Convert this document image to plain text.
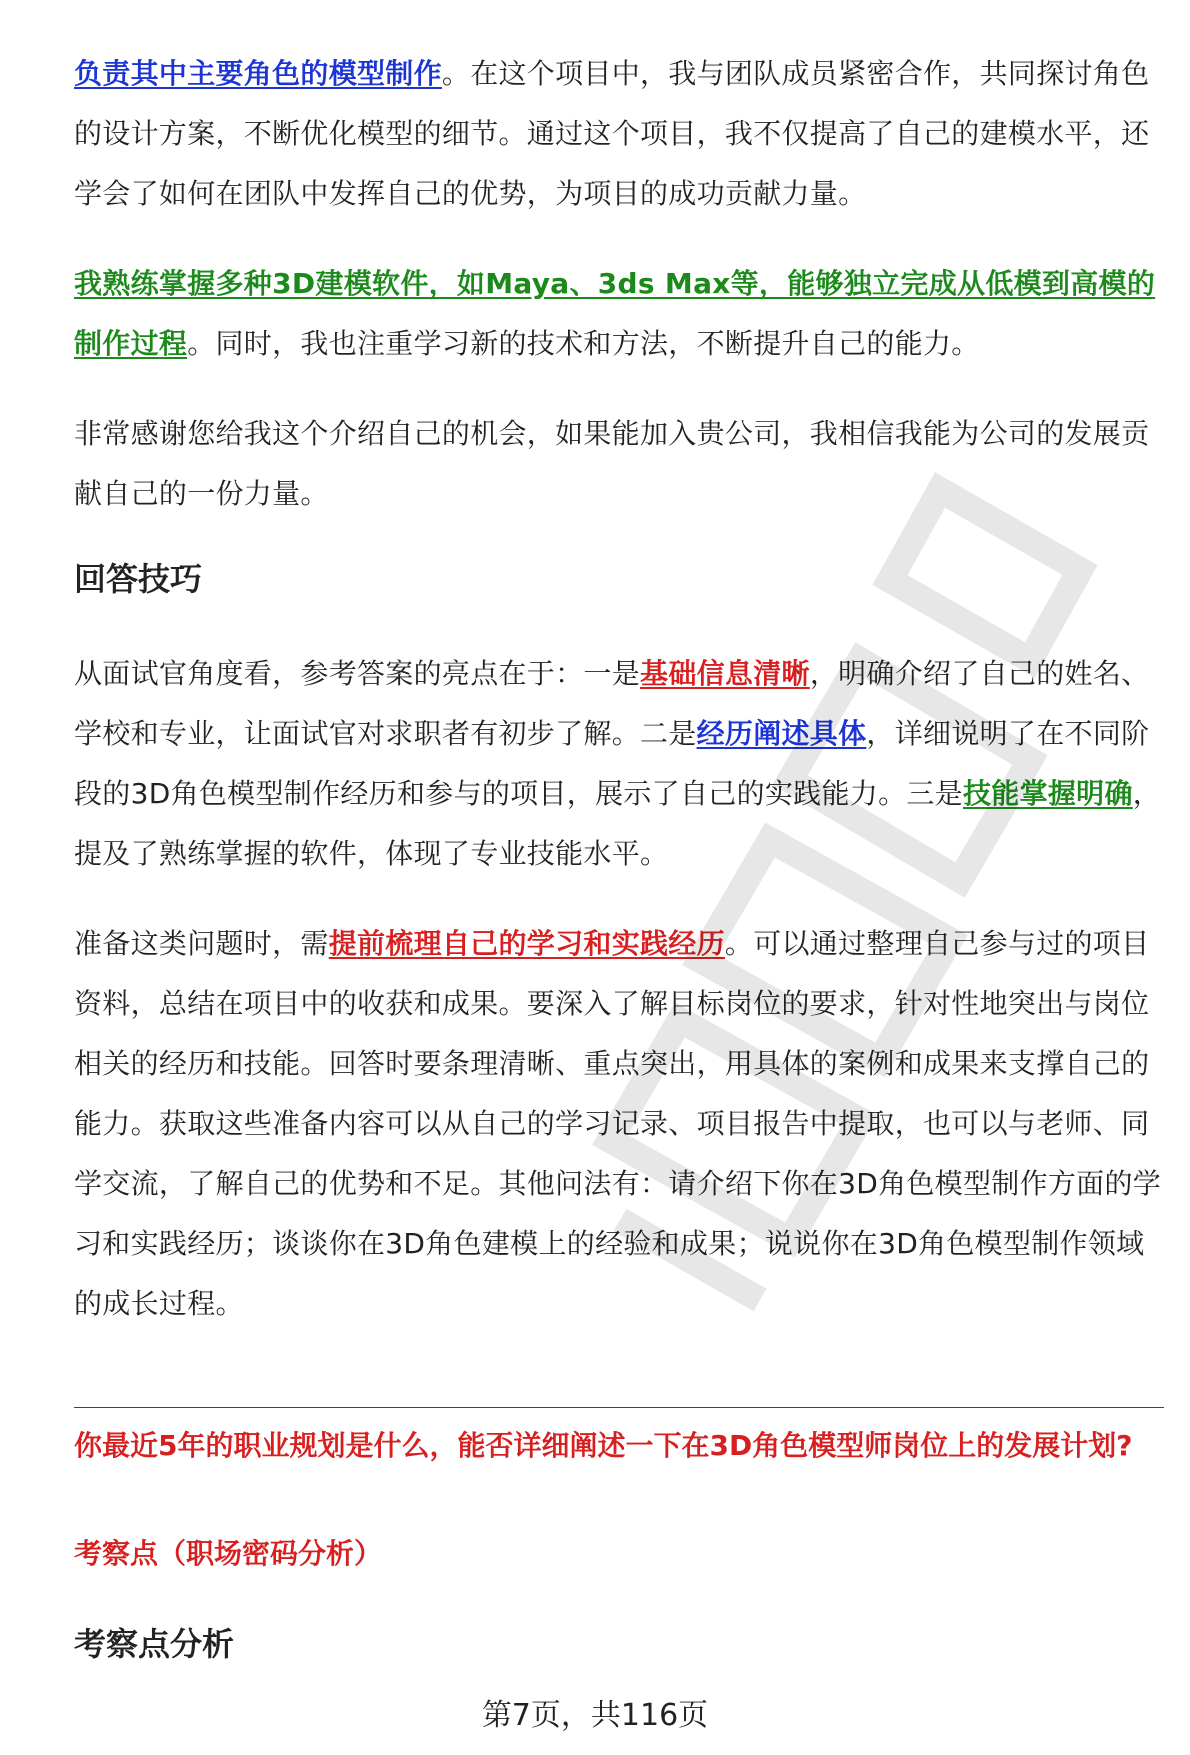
负责其中主要角色的模型制作。在这个项目中，我与团队成员紧密合作，共同探讨角色的设计方案，不断优化模型的细节。通过这个项目，我不仅提高了自己的建模水平，还学会了如何在团队中发挥自己的优势，为项目的成功贡献力量。

我熟练掌握多种3D建模软件，如Maya、3ds Max等，能够独立完成从低模到高模的制作过程。同时，我也注重学习新的技术和方法，不断提升自己的能力。

非常感谢您给我这个介绍自己的机会，如果能加入贵公司，我相信我能为公司的发展贡献自己的一份力量。

回答技巧

从面试官角度看，参考答案的亮点在于：一是基础信息清晰，明确介绍了自己的姓名、学校和专业，让面试官对求职者有初步了解。二是经历阐述具体，详细说明了在不同阶段的3D角色模型制作经历和参与的项目，展示了自己的实践能力。三是技能掌握明确，提及了熟练掌握的软件，体现了专业技能水平。

准备这类问题时，需提前梳理自己的学习和实践经历。可以通过整理自己参与过的项目资料，总结在项目中的收获和成果。要深入了解目标岗位的要求，针对性地突出与岗位相关的经历和技能。回答时要条理清晰、重点突出，用具体的案例和成果来支撑自己的能力。获取这些准备内容可以从自己的学习记录、项目报告中提取，也可以与老师、同学交流，了解自己的优势和不足。其他问法有：请介绍下你在3D角色模型制作方面的学习和实践经历；谈谈你在3D角色建模上的经验和成果；说说你在3D角色模型制作领域的成长过程。

你最近5年的职业规划是什么，能否详细阐述一下在3D角色模型师岗位上的发展计划?
考察点（职场密码分析）
考察点分析
第7页，共116页
